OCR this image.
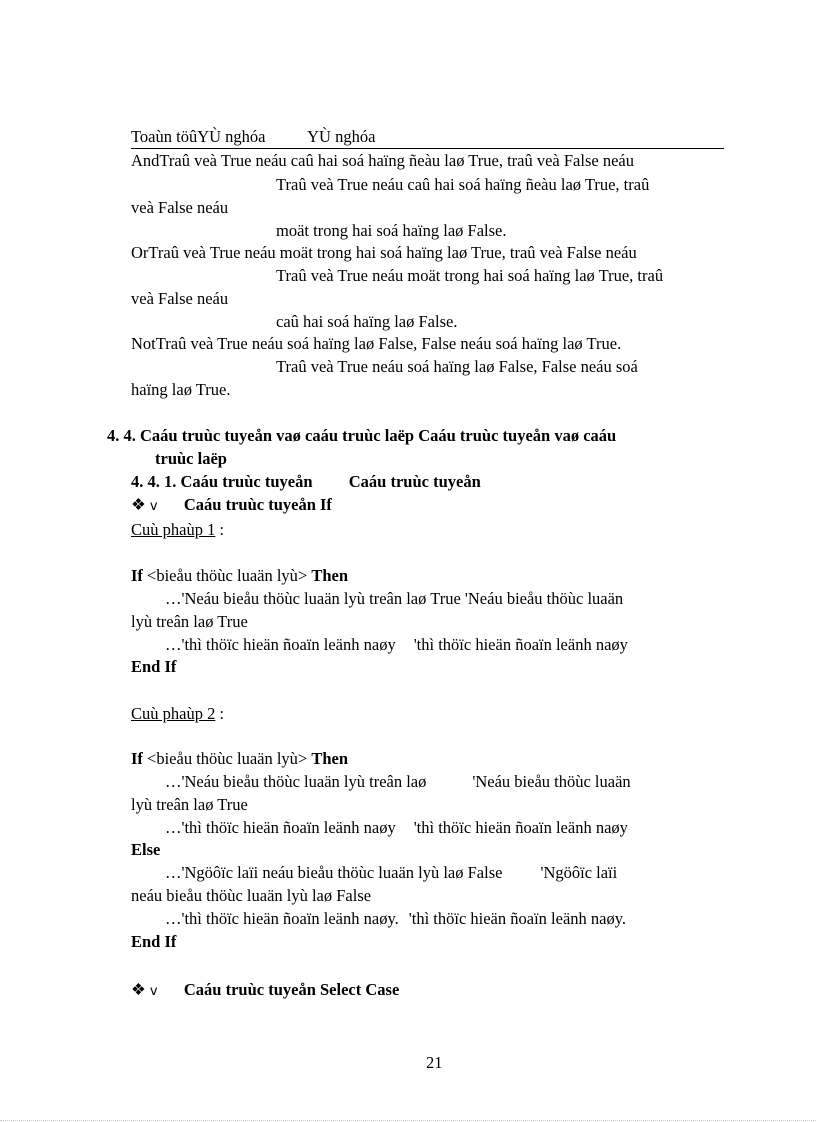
Toaùn töûYÙ nghóa	YÙ nghóa
AndTraû veà True neáu caû hai soá haïng ñeàu laø True, traû veà False neáu
Traû veà True neáu caû hai soá haïng ñeàu laø True, traû
veà False neáu
moät trong hai soá haïng laø False.
OrTraû veà True neáu moät trong hai soá haïng laø True, traû veà False neáu
Traû veà True neáu moät trong hai soá haïng laø True, traû
veà False neáu
caû hai soá haïng laø False.
NotTraû veà True neáu soá haïng laø False, False neáu soá haïng laø True.
Traû veà True neáu soá haïng laø False, False neáu soá
haïng laø True.
4. 4. Caáu truùc tuyeån vaø caáu truùc laëp Caáu truùc tuyeån vaø caáu
truùc laëp
4. 4. 1. Caáu truùc tuyeån Caáu truùc tuyeån
❖ v Caáu truùc tuyeån If
Cuù phaùp 1 :
If <bieåu thöùc luaän lyù> Then
…'Neáu bieåu thöùc luaän lyù treân laø True 'Neáu bieåu thöùc luaän
lyù treân laø True
…'thì thöïc hieän ñoaïn leänh naøy 'thì thöïc hieän ñoaïn leänh naøy
End If
Cuù phaùp 2 :
If <bieåu thöùc luaän lyù> Then
…'Neáu bieåu thöùc luaän lyù treân laø	'Neáu bieåu thöùc luaän
lyù treân laø True
…'thì thöïc hieän ñoaïn leänh naøy 'thì thöïc hieän ñoaïn leänh naøy
Else
…'Ngöôïc laïi neáu bieåu thöùc luaän lyù laø False 'Ngöôïc laïi
neáu bieåu thöùc luaän lyù laø False
…'thì thöïc hieän ñoaïn leänh naøy. 'thì thöïc hieän ñoaïn leänh naøy.
End If
❖ v Caáu truùc tuyeån Select Case
21
